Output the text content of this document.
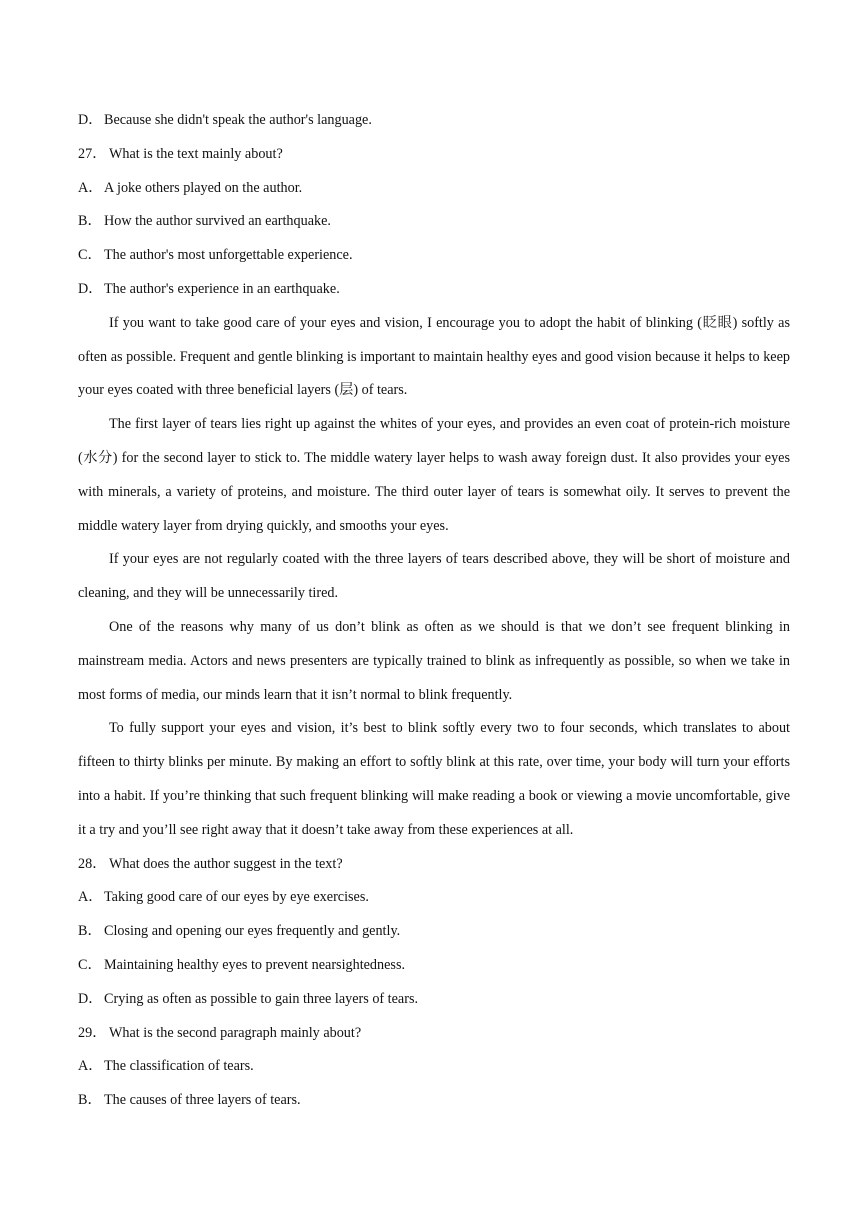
D． Because she didn't speak the author's language.
27． What is the text mainly about?
A． A joke others played on the author.
B． How the author survived an earthquake.
C． The author's most unforgettable experience.
D． The author's experience in an earthquake.

If you want to take good care of your eyes and vision, I encourage you to adopt the habit of blinking (眨眼) softly as often as possible. Frequent and gentle blinking is important to maintain healthy eyes and good vision because it helps to keep your eyes coated with three beneficial layers (层) of tears.

The first layer of tears lies right up against the whites of your eyes, and provides an even coat of protein-rich moisture (水分) for the second layer to stick to. The middle watery layer helps to wash away foreign dust. It also provides your eyes with minerals, a variety of proteins, and moisture. The third outer layer of tears is somewhat oily. It serves to prevent the middle watery layer from drying quickly, and smooths your eyes.

If your eyes are not regularly coated with the three layers of tears described above, they will be short of moisture and cleaning, and they will be unnecessarily tired.

One of the reasons why many of us don’t blink as often as we should is that we don’t see frequent blinking in mainstream media. Actors and news presenters are typically trained to blink as infrequently as possible, so when we take in most forms of media, our minds learn that it isn’t normal to blink frequently.

To fully support your eyes and vision, it’s best to blink softly every two to four seconds, which translates to about fifteen to thirty blinks per minute. By making an effort to softly blink at this rate, over time, your body will turn your efforts into a habit. If you’re thinking that such frequent blinking will make reading a book or viewing a movie uncomfortable, give it a try and you’ll see right away that it doesn’t take away from these experiences at all.

28． What does the author suggest in the text?
A． Taking good care of our eyes by eye exercises.
B． Closing and opening our eyes frequently and gently.
C． Maintaining healthy eyes to prevent nearsightedness.
D． Crying as often as possible to gain three layers of tears.
29． What is the second paragraph mainly about?
A． The classification of tears.
B． The causes of three layers of tears.
